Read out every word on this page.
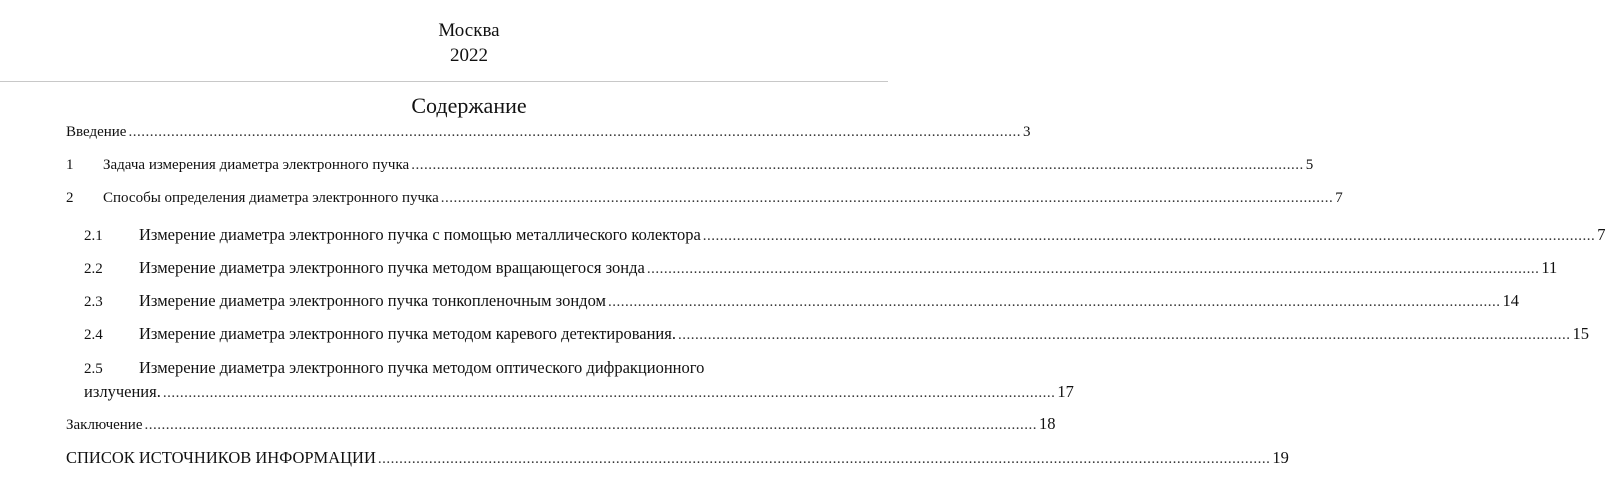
Москва
2022
Содержание
Введение .................................................................................................................................................................................................................. 3
1	Задача измерения диаметра электронного пучка .................................................................................................................................................................................................................. 5
2	Способы определения диаметра электронного пучка .................................................................................................................................................................................................................. 7
2.1	Измерение диаметра электронного пучка с помощью металлического колектора .................................................................................................................................................................................................................. 7
2.2	Измерение диаметра электронного пучка методом вращающегося зонда .................................................................................................................................................................................................................. 11
2.3	Измерение диаметра электронного пучка тонкопленочным зондом .................................................................................................................................................................................................................. 14
2.4	Измерение диаметра электронного пучка методом каревого детектирования. .................................................................................................................................................................................................................. 15
2.5	Измерение диаметра электронного пучка методом оптического дифракционного
излучения. .................................................................................................................................................................................................................. 17
Заключение .................................................................................................................................................................................................................. 18
СПИСОК ИСТОЧНИКОВ ИНФОРМАЦИИ .................................................................................................................................................................................................................. 19
